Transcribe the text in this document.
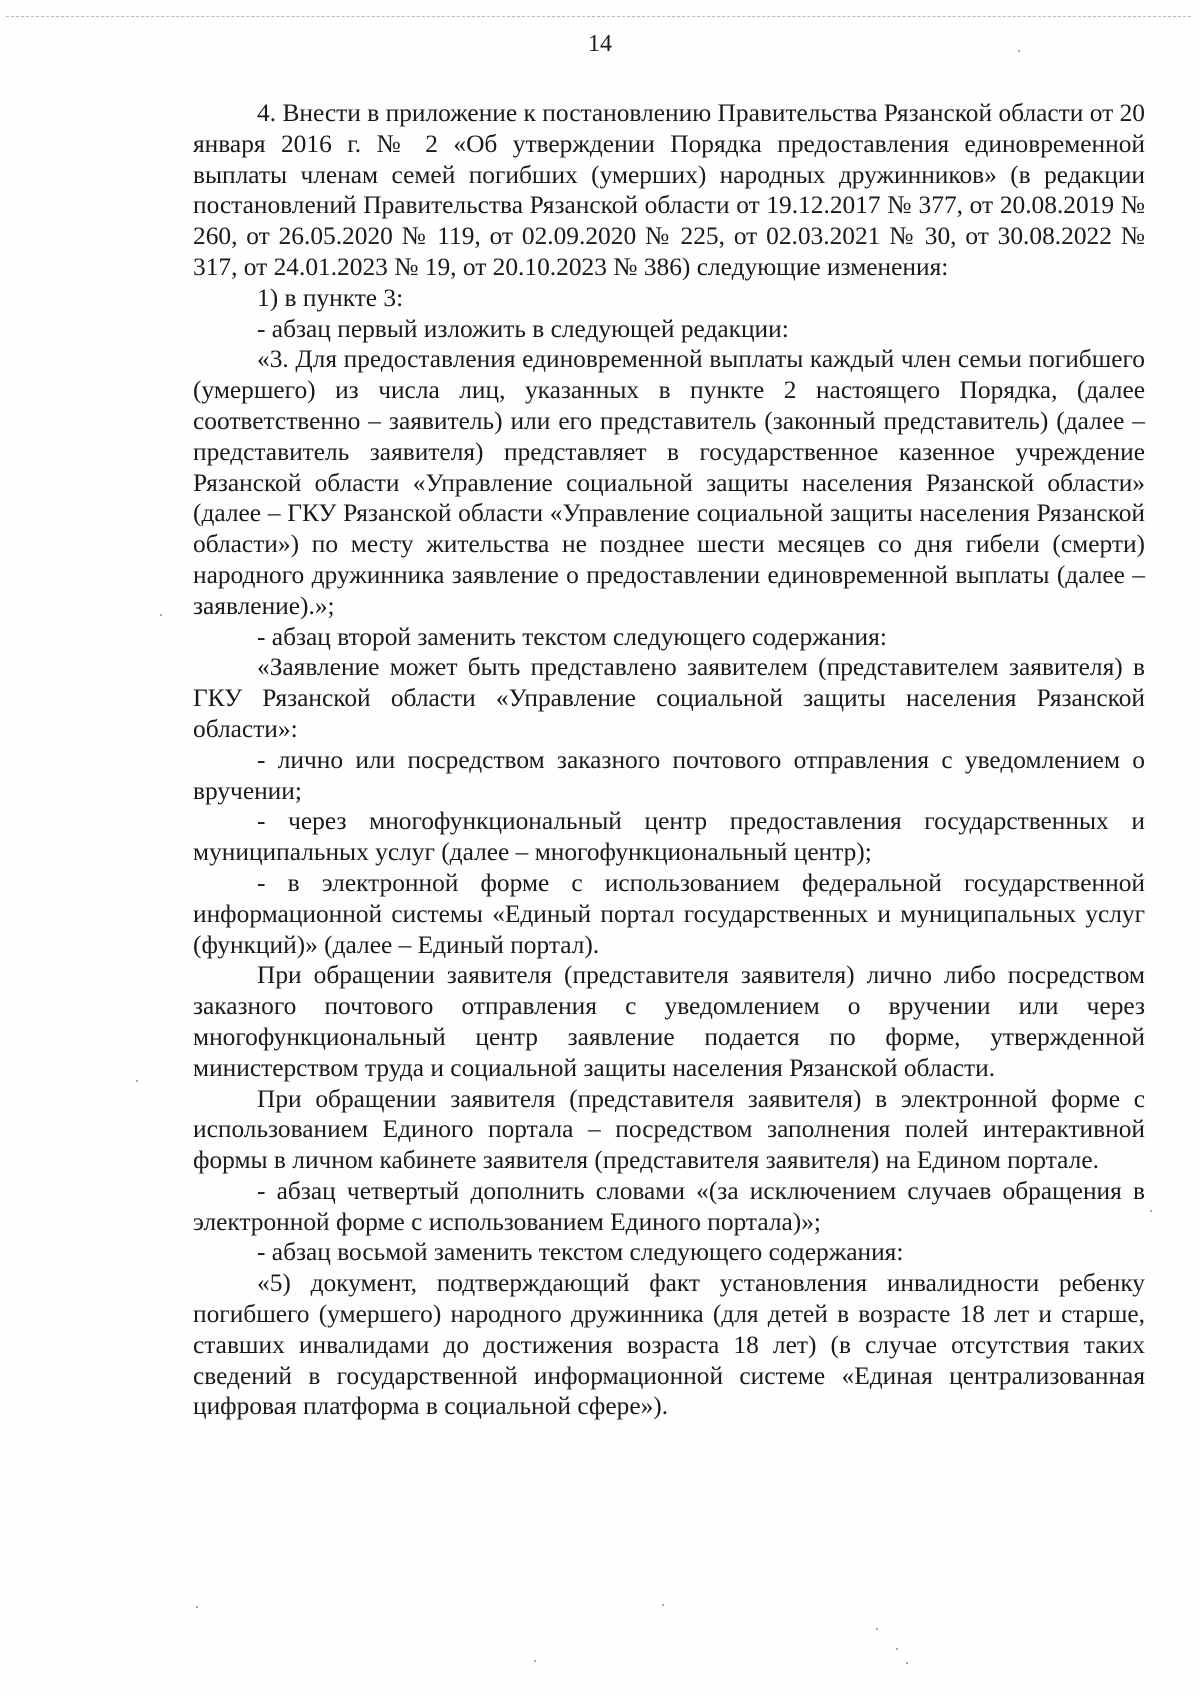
14

4. Внести в приложение к постановлению Правительства Рязанской области от 20 января 2016 г. № 2 «Об утверждении Порядка предоставления единовременной выплаты членам семей погибших (умерших) народных дружинников» (в редакции постановлений Правительства Рязанской области от 19.12.2017 № 377, от 20.08.2019 № 260, от 26.05.2020 № 119, от 02.09.2020 № 225, от 02.03.2021 № 30, от 30.08.2022 № 317, от 24.01.2023 № 19, от 20.10.2023 № 386) следующие изменения:

1) в пункте 3:

- абзац первый изложить в следующей редакции:

«3. Для предоставления единовременной выплаты каждый член семьи погибшего (умершего) из числа лиц, указанных в пункте 2 настоящего Порядка, (далее соответственно – заявитель) или его представитель (законный представитель) (далее – представитель заявителя) представляет в государственное казенное учреждение Рязанской области «Управление социальной защиты населения Рязанской области» (далее – ГКУ Рязанской области «Управление социальной защиты населения Рязанской области») по месту жительства не позднее шести месяцев со дня гибели (смерти) народного дружинника заявление о предоставлении единовременной выплаты (далее – заявление).»;

- абзац второй заменить текстом следующего содержания:

«Заявление может быть представлено заявителем (представителем заявителя) в ГКУ Рязанской области «Управление социальной защиты населения Рязанской области»:

- лично или посредством заказного почтового отправления с уведомлением о вручении;

- через многофункциональный центр предоставления государственных и муниципальных услуг (далее – многофункциональный центр);

- в электронной форме с использованием федеральной государственной информационной системы «Единый портал государственных и муниципальных услуг (функций)» (далее – Единый портал).

При обращении заявителя (представителя заявителя) лично либо посредством заказного почтового отправления с уведомлением о вручении или через многофункциональный центр заявление подается по форме, утвержденной министерством труда и социальной защиты населения Рязанской области.

При обращении заявителя (представителя заявителя) в электронной форме с использованием Единого портала – посредством заполнения полей интерактивной формы в личном кабинете заявителя (представителя заявителя) на Едином портале.

- абзац четвертый дополнить словами «(за исключением случаев обращения в электронной форме с использованием Единого портала)»;

- абзац восьмой заменить текстом следующего содержания:

«5) документ, подтверждающий факт установления инвалидности ребенку погибшего (умершего) народного дружинника (для детей в возрасте 18 лет и старше, ставших инвалидами до достижения возраста 18 лет) (в случае отсутствия таких сведений в государственной информационной системе «Единая централизованная цифровая платформа в социальной сфере»).
